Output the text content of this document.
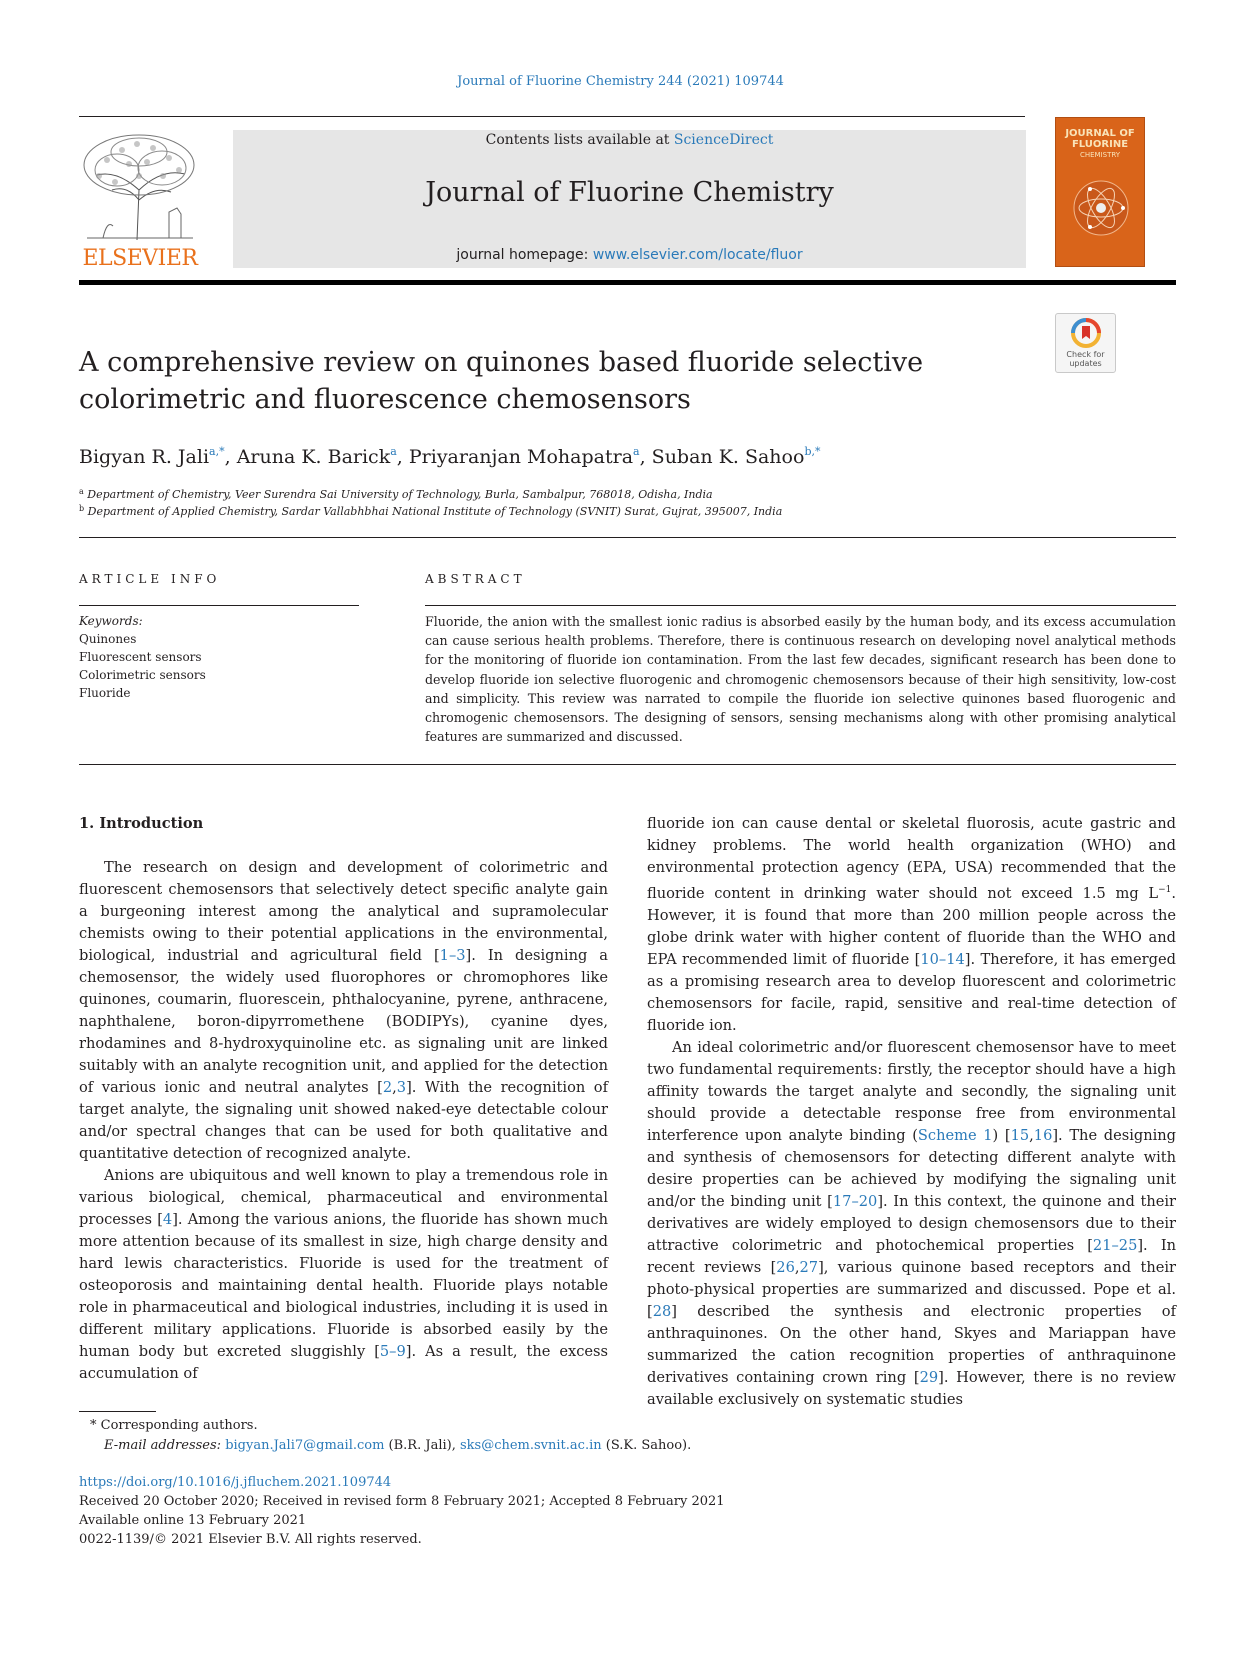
Journal of Fluorine Chemistry 244 (2021) 109744
ELSEVIER
Contents lists available at ScienceDirect
Journal of Fluorine Chemistry
journal homepage: www.elsevier.com/locate/fluor
JOURNAL OF FLUORINE
CHEMISTRY
Check for updates
A comprehensive review on quinones based fluoride selective colorimetric and fluorescence chemosensors
Bigyan R. Jali$^{a,*}$, Aruna K. Barick$^a$, Priyaranjan Mohapatra$^a$, Suban K. Sahoo$^{b,*}$
$^a$ Department of Chemistry, Veer Surendra Sai University of Technology, Burla, Sambalpur, 768018, Odisha, India
$^b$ Department of Applied Chemistry, Sardar Vallabhbhai National Institute of Technology (SVNIT) Surat, Gujrat, 395007, India
ARTICLE INFO
Keywords:
Quinones
Fluorescent sensors
Colorimetric sensors
Fluoride
ABSTRACT
Fluoride, the anion with the smallest ionic radius is absorbed easily by the human body, and its excess accumulation can cause serious health problems. Therefore, there is continuous research on developing novel analytical methods for the monitoring of fluoride ion contamination. From the last few decades, significant research has been done to develop fluoride ion selective fluorogenic and chromogenic chemosensors because of their high sensitivity, low-cost and simplicity. This review was narrated to compile the fluoride ion selective quinones based fluorogenic and chromogenic chemosensors. The designing of sensors, sensing mechanisms along with other promising analytical features are summarized and discussed.
1. Introduction

The research on design and development of colorimetric and fluorescent chemosensors that selectively detect specific analyte gain a burgeoning interest among the analytical and supramolecular chemists owing to their potential applications in the environmental, biological, industrial and agricultural field [1–3]. In designing a chemosensor, the widely used fluorophores or chromophores like quinones, coumarin, fluorescein, phthalocyanine, pyrene, anthracene, naphthalene, boron-dipyrromethene (BODIPYs), cyanine dyes, rhodamines and 8-hydroxyquinoline etc. as signaling unit are linked suitably with an analyte recognition unit, and applied for the detection of various ionic and neutral analytes [2,3]. With the recognition of target analyte, the signaling unit showed naked-eye detectable colour and/or spectral changes that can be used for both qualitative and quantitative detection of recognized analyte.

Anions are ubiquitous and well known to play a tremendous role in various biological, chemical, pharmaceutical and environmental processes [4]. Among the various anions, the fluoride has shown much more attention because of its smallest in size, high charge density and hard lewis characteristics. Fluoride is used for the treatment of osteoporosis and maintaining dental health. Fluoride plays notable role in pharmaceutical and biological industries, including it is used in different military applications. Fluoride is absorbed easily by the human body but excreted sluggishly [5–9]. As a result, the excess accumulation of

fluoride ion can cause dental or skeletal fluorosis, acute gastric and kidney problems. The world health organization (WHO) and environmental protection agency (EPA, USA) recommended that the fluoride content in drinking water should not exceed 1.5 mg $L^{-1}$. However, it is found that more than 200 million people across the globe drink water with higher content of fluoride than the WHO and EPA recommended limit of fluoride [10–14]. Therefore, it has emerged as a promising research area to develop fluorescent and colorimetric chemosensors for facile, rapid, sensitive and real-time detection of fluoride ion.

An ideal colorimetric and/or fluorescent chemosensor have to meet two fundamental requirements: firstly, the receptor should have a high affinity towards the target analyte and secondly, the signaling unit should provide a detectable response free from environmental interference upon analyte binding (Scheme 1) [15,16]. The designing and synthesis of chemosensors for detecting different analyte with desire properties can be achieved by modifying the signaling unit and/or the binding unit [17–20]. In this context, the quinone and their derivatives are widely employed to design chemosensors due to their attractive colorimetric and photochemical properties [21–25]. In recent reviews [26,27], various quinone based receptors and their photo-physical properties are summarized and discussed. Pope et al. [28] described the synthesis and electronic properties of anthraquinones. On the other hand, Skyes and Mariappan have summarized the cation recognition properties of anthraquinone derivatives containing crown ring [29]. However, there is no review available exclusively on systematic studies

* Corresponding authors.
E-mail addresses: bigyan.Jali7@gmail.com (B.R. Jali), sks@chem.svnit.ac.in (S.K. Sahoo).
https://doi.org/10.1016/j.jfluchem.2021.109744
Received 20 October 2020; Received in revised form 8 February 2021; Accepted 8 February 2021
Available online 13 February 2021
0022-1139/© 2021 Elsevier B.V. All rights reserved.
